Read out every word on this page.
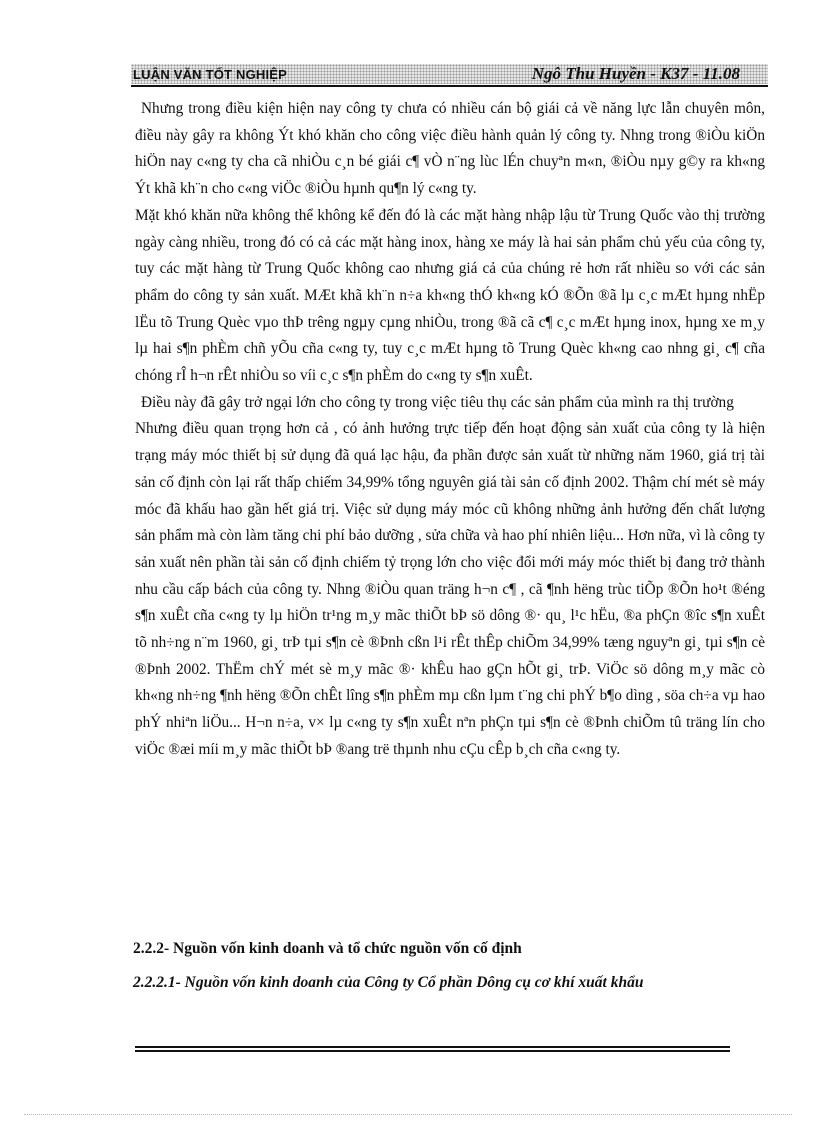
LUẬN VĂN TỐT NGHIỆP	Ngô Thu Huyền - K37 - 11.08

Nhưng trong điều kiện hiện nay công ty chưa có nhiều cán bộ giái cả về năng lực lẫn chuyên môn, điều này gây ra không Ýt khó khăn cho công việc điều hành quản lý công ty. Nhng trong ®iÒu kiÖn hiÖn nay c«ng ty cha cã nhiÒu c¸n bé giái c¶ vÒ n¨ng lùc lÉn chuyªn m«n, ®iÒu nµy g©y ra kh«ng Ýt khã kh¨n cho c«ng viÖc ®iÒu hµnh qu¶n lý c«ng ty.

Mặt khó khăn nữa không thể không kể đến đó là các mặt hàng nhập lậu từ Trung Quốc vào thị trường ngày càng nhiều, trong đó có cả các mặt hàng inox, hàng xe máy là hai sản phẩm chủ yếu của công ty, tuy các mặt hàng từ Trung Quốc không cao nhưng giá cả của chúng rẻ hơn rất nhiều so với các sản phẩm do công ty sản xuất. MÆt khã kh¨n n÷a kh«ng thÓ kh«ng kÓ ®Õn ®ã lµ c¸c mÆt hµng nhËp lËu tõ Trung Quèc vµo thÞ trêng ngµy cµng nhiÒu, trong ®ã cã c¶ c¸c mÆt hµng inox, hµng xe m¸y lµ hai s¶n phÈm chñ yÕu cña c«ng ty, tuy c¸c mÆt hµng tõ Trung Quèc kh«ng cao nhng gi¸ c¶ cña chóng rÎ h¬n rÊt nhiÒu so víi c¸c s¶n phÈm do c«ng ty s¶n xuÊt.

Điều này đã gây trở ngại lớn cho công ty trong việc tiêu thụ các sản phẩm của mình ra thị trường

Nhưng điều quan trọng hơn cả , có ảnh hưởng trực tiếp đến hoạt động sản xuất của công ty là hiện trạng máy móc thiết bị sử dụng đã quá lạc hậu, đa phần được sản xuất từ những năm 1960, giá trị tài sản cố định còn lại rất thấp chiếm 34,99% tổng nguyên giá tài sản cố định 2002. Thậm chí mét sè máy móc đã khấu hao gần hết giá trị. Việc sử dụng máy móc cũ không những ảnh hưởng đến chất lượng sản phẩm mà còn làm tăng chi phí bảo dưỡng , sửa chữa và hao phí nhiên liệu... Hơn nữa, vì là công ty sản xuất nên phần tài sản cố định chiếm tỷ trọng lớn cho việc đổi mới máy móc thiết bị đang trở thành nhu cầu cấp bách của công ty. Nhng ®iÒu quan träng h¬n c¶ , cã ¶nh hëng trùc tiÕp ®Õn ho¹t ®éng s¶n xuÊt cña c«ng ty lµ hiÖn tr¹ng m¸y mãc thiÕt bÞ sö dông ®· qu¸ l¹c hËu, ®a phÇn ®îc s¶n xuÊt tõ nh÷ng n¨m 1960, gi¸ trÞ tµi s¶n cè ®Þnh cßn l¹i rÊt thÊp chiÕm 34,99% tæng nguyªn gi¸ tµi s¶n cè ®Þnh 2002. ThËm chÝ mét sè m¸y mãc ®· khÊu hao gÇn hÕt gi¸ trÞ. ViÖc sö dông m¸y mãc cò kh«ng nh÷ng ¶nh hëng ®Õn chÊt lîng s¶n phÈm mµ cßn lµm t¨ng chi phÝ b¶o dìng , söa ch÷a vµ hao phÝ nhiªn liÖu... H¬n n÷a, v× lµ c«ng ty s¶n xuÊt nªn phÇn tµi s¶n cè ®Þnh chiÕm tû träng lín cho viÖc ®æi míi m¸y mãc thiÕt bÞ ®ang trë thµnh nhu cÇu cÊp b¸ch cña c«ng ty.

2.2.2- Nguồn vốn kinh doanh và tổ chức nguồn vốn cố định
2.2.2.1- Nguồn vốn kinh doanh của Công ty Cổ phần Dông cụ cơ khí xuất khẩu
